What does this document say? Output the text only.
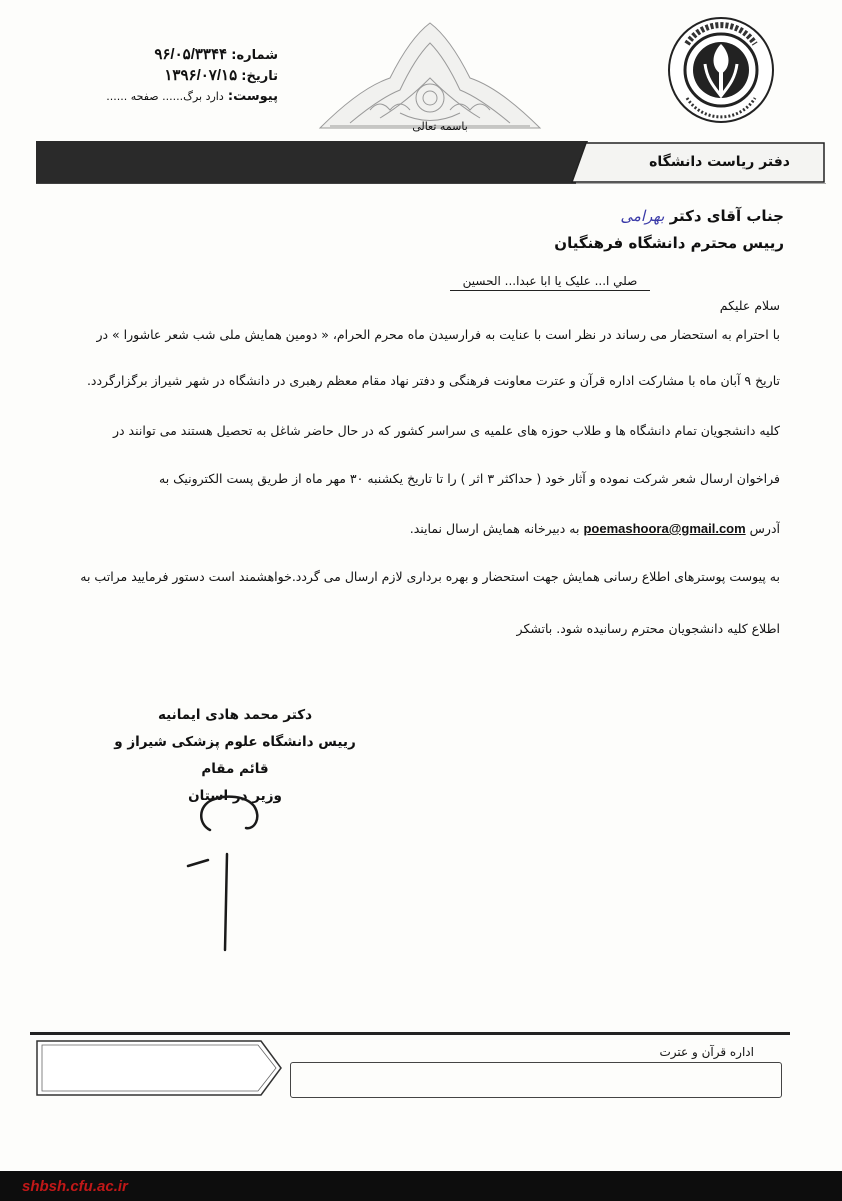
شماره: ۹۶/۰۵/۳۳۴۴
تاریخ: ۱۳۹۶/۰۷/۱۵
پیوست: دارد برگ...... صفحه ......
باسمه تعالی
دفتر ریاست دانشگاه
جناب آقای دکتر بهرامی
رییس محترم دانشگاه فرهنگیان
صلي ا... عليک يا ابا عبدا... الحسين
سلام علیکم
با احترام به استحضار می رساند در نظر است با عنایت به فرارسیدن ماه محرم الحرام، « دومین همایش ملی شب شعر عاشورا » در
تاریخ ۹ آبان ماه با مشارکت اداره قرآن و عترت معاونت فرهنگی و دفتر نهاد مقام معظم رهبری در دانشگاه در شهر شیراز برگزارگردد.
کلیه دانشجویان تمام دانشگاه ها و طلاب حوزه های علمیه ی سراسر کشور که در حال حاضر شاغل به تحصیل هستند می توانند در
فراخوان ارسال شعر شرکت نموده و آثار خود ( حداکثر ۳ اثر ) را تا تاریخ یکشنبه ۳۰ مهر ماه از طریق پست الکترونیک به
آدرس poemashoora@gmail.com به دبیرخانه همایش ارسال نمایند.
به پیوست پوسترهای اطلاع رسانی همایش جهت استحضار و بهره برداری لازم ارسال می گردد.خواهشمند است دستور فرمایید مراتب به
اطلاع کلیه دانشجویان محترم رسانیده شود. باتشکر
دکتر محمد هادی ایمانیه
رییس دانشگاه علوم پزشکی شیراز و قائم مقام
وزیر در استان
اداره قرآن و عترت
shbsh.cfu.ac.ir
